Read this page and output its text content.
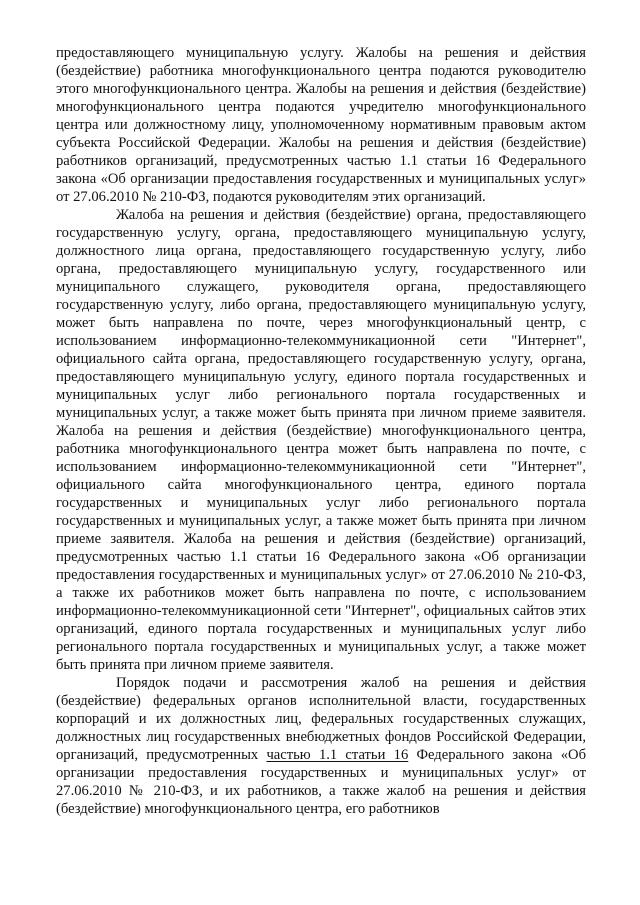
предоставляющего муниципальную услугу. Жалобы на решения и действия (бездействие) работника многофункционального центра подаются руководителю этого многофункционального центра. Жалобы на решения и действия (бездействие) многофункционального центра подаются учредителю многофункционального центра или должностному лицу, уполномоченному нормативным правовым актом субъекта Российской Федерации. Жалобы на решения и действия (бездействие) работников организаций, предусмотренных частью 1.1 статьи 16 Федерального закона «Об организации предоставления государственных и муниципальных услуг» от 27.06.2010 № 210-ФЗ, подаются руководителям этих организаций.

Жалоба на решения и действия (бездействие) органа, предоставляющего государственную услугу, органа, предоставляющего муниципальную услугу, должностного лица органа, предоставляющего государственную услугу, либо органа, предоставляющего муниципальную услугу, государственного или муниципального служащего, руководителя органа, предоставляющего государственную услугу, либо органа, предоставляющего муниципальную услугу, может быть направлена по почте, через многофункциональный центр, с использованием информационно-телекоммуникационной сети "Интернет", официального сайта органа, предоставляющего государственную услугу, органа, предоставляющего муниципальную услугу, единого портала государственных и муниципальных услуг либо регионального портала государственных и муниципальных услуг, а также может быть принята при личном приеме заявителя. Жалоба на решения и действия (бездействие) многофункционального центра, работника многофункционального центра может быть направлена по почте, с использованием информационно-телекоммуникационной сети "Интернет", официального сайта многофункционального центра, единого портала государственных и муниципальных услуг либо регионального портала государственных и муниципальных услуг, а также может быть принята при личном приеме заявителя. Жалоба на решения и действия (бездействие) организаций, предусмотренных частью 1.1 статьи 16 Федерального закона «Об организации предоставления государственных и муниципальных услуг» от 27.06.2010 № 210-ФЗ, а также их работников может быть направлена по почте, с использованием информационно-телекоммуникационной сети "Интернет", официальных сайтов этих организаций, единого портала государственных и муниципальных услуг либо регионального портала государственных и муниципальных услуг, а также может быть принята при личном приеме заявителя.

Порядок подачи и рассмотрения жалоб на решения и действия (бездействие) федеральных органов исполнительной власти, государственных корпораций и их должностных лиц, федеральных государственных служащих, должностных лиц государственных внебюджетных фондов Российской Федерации, организаций, предусмотренных частью 1.1 статьи 16 Федерального закона «Об организации предоставления государственных и муниципальных услуг» от 27.06.2010 № 210-ФЗ, и их работников, а также жалоб на решения и действия (бездействие) многофункционального центра, его работников
